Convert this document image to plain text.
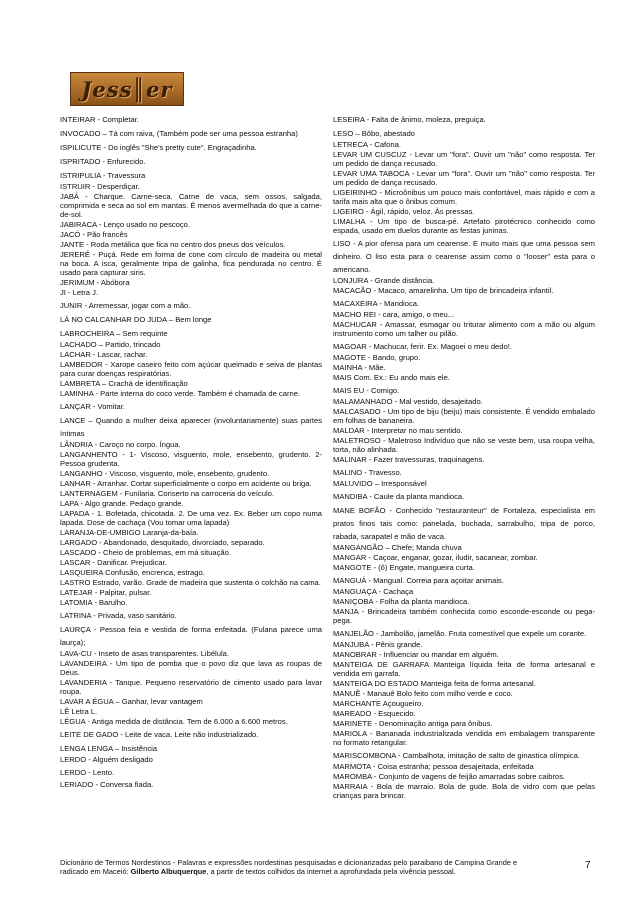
Jess║er

INTEIRAR - Completar.

INVOCADO – Tá com raiva, (Também pode ser uma pessoa estranha)

ISPILICUTE - Do inglês "She's pretty cute". Engraçadinha.

ISPRITADO - Enfurecido.

ISTRIPULIA - Travessura

ISTRUIR - Desperdiçar.

JABÁ - Charque. Carne-seca. Carne de vaca, sem ossos, salgada, comprimida e seca ao sol em mantas. É menos avermelhada do que a carne-de-sol.

JABIRACA - Lenço usado no pescoço.

JACÓ - Pão francês

JANTE - Roda metálica que fica no centro dos pneus dos veículos.

JERERÉ - Puçá. Rede em forma de cone com círculo de madeira ou metal na boca. A isca, geralmente tripa de galinha, fica pendurada no centro. É usado para capturar siris.

JERIMUM - Abóbora

JI - Letra J.

JUNIR - Arremessar, jogar com a mão.

LÁ NO CALCANHAR DO JUDA – Bem longe

LABROCHEIRA – Sem requinte

LACHADO – Partido, trincado

LACHAR - Lascar, rachar.

LAMBEDOR - Xarope caseiro feito com açúcar queimado e seiva de plantas para curar doenças respiratórias.

LAMBRETA – Crachá de identificação

LAMINHA - Parte interna do coco verde. Também é chamada de carne.

LANÇAR - Vomitar.

LANCE – Quando a mulher deixa aparecer (involuntariamente) suas partes íntimas

LÂNDRIA - Caroço no corpo. Íngua.

LANGANHENTO - 1- Viscoso, visguento, mole, ensebento, grudento. 2- Pessoa grudenta.

LANGANHO - Viscoso, visguento, mole, ensebento, grudento.

LANHAR - Arranhar. Cortar superficialmente o corpo em acidente ou briga.

LANTERNAGEM - Funilaria. Conserto na carroceria do veículo.

LAPA - Algo grande. Pedaço grande.

LAPADA - 1. Bofetada, chicotada. 2. De uma vez. Ex. Beber um copo numa lapada. Dose de cachaça (Vou tomar uma lapada)

LARANJA-DE-UMBIGO Laranja-da-baía.

LARGADO - Abandonado, desquitado, divorciado, separado.

LASCADO - Cheio de problemas, em má situação.

LASCAR - Danificar. Prejudicar.

LASQUEIRA Confusão, encrenca, estrago.

LASTRO Estrado, varão. Grade de madeira que sustenta o colchão na cama.

LATEJAR - Palpitar, pulsar.

LATOMIA - Barulho.

LATRINA - Privada, vaso sanitário.

LAURÇA - Pessoa feia e vestida de forma enfeitada. (Fulana parece uma laurça);

LAVA-CU - Inseto de asas transparentes. Libélula.

LAVANDEIRA - Um tipo de pomba que o povo diz que lava as roupas de Deus.

LAVANDERIA - Tanque. Pequeno reservatório de cimento usado para lavar roupa.

LAVAR A ÉGUA – Ganhar, levar vantagem

LÊ Letra L.

LÉGUA - Antiga medida de distância. Tem de 6.000 a 6.600 metros.

LEITE DE GADO - Leite de vaca. Leite não industrializado.

LENGA LENGA – Insistência

LERDO - Alguém desligado

LERDO - Lento.

LERIADO - Conversa fiada.

LESEIRA - Falta de ânimo, moleza, preguiça.

LESO – Bôbo, abestado

LETRECA - Cafona.

LEVAR UM CUSCUZ - Levar um "fora". Ouvir um "não" como resposta. Ter um pedido de dança recusado.

LEVAR UMA TABOCA - Levar um "fora". Ouvir um "não" como resposta. Ter um pedido de dança recusado.

LIGEIRINHO - Microônibus um pouco mais confortável, mais rápido e com a tarifa mais alta que o ônibus comum.

LIGEIRO - Ágil, rápido, veloz. Às pressas.

LIMALHA - Um tipo de busca-pé. Artefato pirotécnico conhecido como espada, usado em duelos durante as festas juninas.

LISO - A pior ofensa para um cearense. E muito mais que uma pessoa sem dinheiro. O liso esta para o cearense assim como o "looser" esta para o americano.

LONJURA - Grande distância.

MACACÃO - Macaco, amarelinha. Um tipo de brincadeira infantil.

MACAXEIRA - Mandioca.

MACHO REI - cara, amigo, o meu...

MACHUCAR - Amassar, esmagar ou triturar alimento com a mão ou algum instrumento como um talher ou pilão.

MAGOAR - Machucar, ferir. Ex. Magoei o meu dedo!.

MAGOTE - Bando, grupo.

MAINHA - Mãe.

MAIS Com. Ex.: Eu ando mais ele.

MAIS EU - Comigo.

MALAMANHADO - Mal vestido, desajeitado.

MALCASADO - Um tipo de biju (beiju) mais consistente. É vendido embalado em folhas de bananeira.

MALDAR - Interpretar no mau sentido.

MALETROSO - Maletroso Indivíduo que não se veste bem, usa roupa velha, torta, não alinhada.

MALINAR - Fazer travessuras, traquinagens.

MALINO - Travesso.

MALUVIDO – Irresponsável

MANDIBA - Caule da planta mandioca.

MANE BOFÃO - Conhecido "restauranteur" de Fortaleza, especialista em pratos finos tais como: panelada, buchada, sarrabulho, tripa de porco, rabada, sarapatel e mão de vaca.

MANGANGÃO – Chefe; Manda chuva

MANGAR - Caçoar, enganar, gozar, iludir, sacanear, zombar.

MANGOTE - (ô) Engate, mangueira curta.

MANGUÁ - Mangual. Correia para açoitar animais.

MANGUAÇA - Cachaça

MANIÇOBA - Folha da planta mandioca.

MANJA - Brincadeira também conhecida como esconde-esconde ou pega-pega.

MANJELÃO - Jambolão, jamelão. Fruta comestível que expele um corante.

MANJUBA - Pênis grande.

MANOBRAR - Influenciar ou mandar em alguém.

MANTEIGA DE GARRAFA Manteiga líquida feita de forma artesanal e vendida em garrafa.

MANTEIGA DO ESTADO Manteiga feita de forma artesanal.

MANUÊ - Manauê Bolo feito com milho verde e coco.

MARCHANTE Açougueiro.

MAREADO - Esquecido.

MARINETE - Denominação antiga para ônibus.

MARIOLA - Bananada industrializada vendida em embalagem transparente no formato retangular.

MARISCOMBONA - Cambalhota, imitação de salto de ginastica olímpica.

MARMOTA - Coisa estranha; pessoa desajeitada, enfeitada

MAROMBA - Conjunto de vagens de feijão amarradas sobre caibros.

MARRAIA - Bola de marraio. Bola de gude. Bola de vidro com que pelas crianças para brincar.

Dicionário de Termos Nordestinos - Palavras e expressões nordestinas pesquisadas e dicionarizadas pelo paraibano de Campina Grande e
radicado em Maceió: Gilberto Albuquerque, a partir de textos colhidos da internet a aprofundada pela vivência pessoal.
7
